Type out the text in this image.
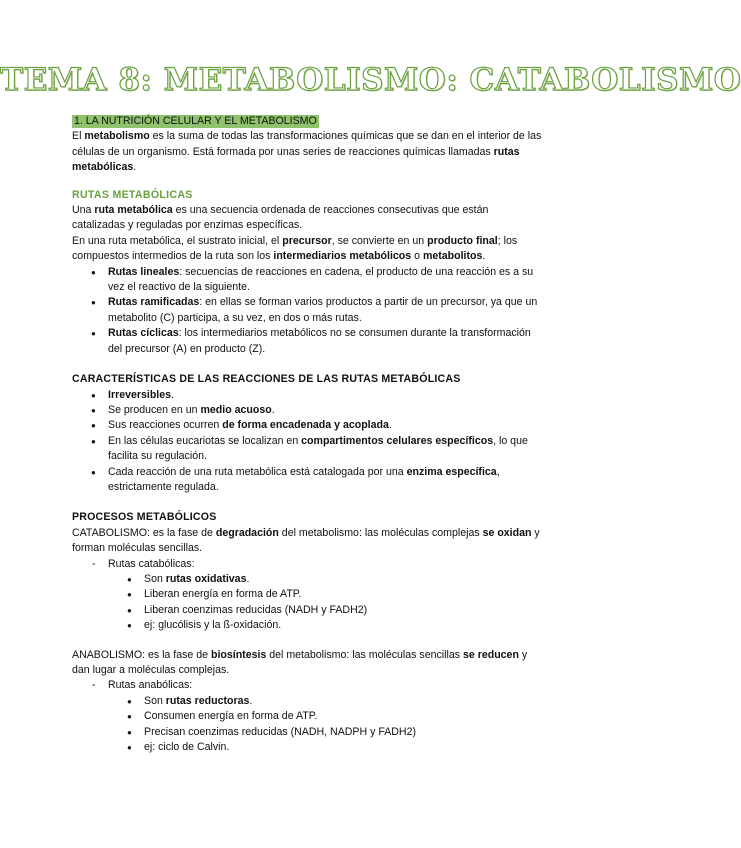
TEMA 8: METABOLISMO: CATABOLISMO
1. LA NUTRICIÓN CELULAR Y EL METABOLISMO

El metabolismo es la suma de todas las transformaciones químicas que se dan en el interior de las células de un organismo. Está formada por unas series de reacciones químicas llamadas rutas metabólicas.

RUTAS METABÓLICAS

Una ruta metabólica es una secuencia ordenada de reacciones consecutivas que están catalizadas y reguladas por enzimas específicas.

En una ruta metabólica, el sustrato inicial, el precursor, se convierte en un producto final; los compuestos intermedios de la ruta son los intermediarios metabólicos o metabolitos.

● Rutas lineales: secuencias de reacciones en cadena, el producto de una reacción es a su vez el reactivo de la siguiente.
● Rutas ramificadas: en ellas se forman varios productos a partir de un precursor, ya que un metabolito (C) participa, a su vez, en dos o más rutas.
● Rutas cíclicas: los intermediarios metabólicos no se consumen durante la transformación del precursor (A) en producto (Z).
CARACTERÍSTICAS DE LAS REACCIONES DE LAS RUTAS METABÓLICAS
● Irreversibles.
● Se producen en un medio acuoso.
● Sus reacciones ocurren de forma encadenada y acoplada.
● En las células eucariotas se localizan en compartimentos celulares específicos, lo que facilita su regulación.
● Cada reacción de una ruta metabólica está catalogada por una enzima específica, estrictamente regulada.
PROCESOS METABÓLICOS

CATABOLISMO: es la fase de degradación del metabolismo: las moléculas complejas se oxidan y forman moléculas sencillas.

- Rutas catabólicas:
● Son rutas oxidativas.
● Liberan energía en forma de ATP.
● Liberan coenzimas reducidas (NADH y FADH2)
● ej: glucólisis y la ß-oxidación.

ANABOLISMO: es la fase de biosíntesis del metabolismo: las moléculas sencillas se reducen y dan lugar a moléculas complejas.

- Rutas anabólicas:
● Son rutas reductoras.
● Consumen energía en forma de ATP.
● Precisan coenzimas reducidas (NADH, NADPH y FADH2)
● ej: ciclo de Calvin.
